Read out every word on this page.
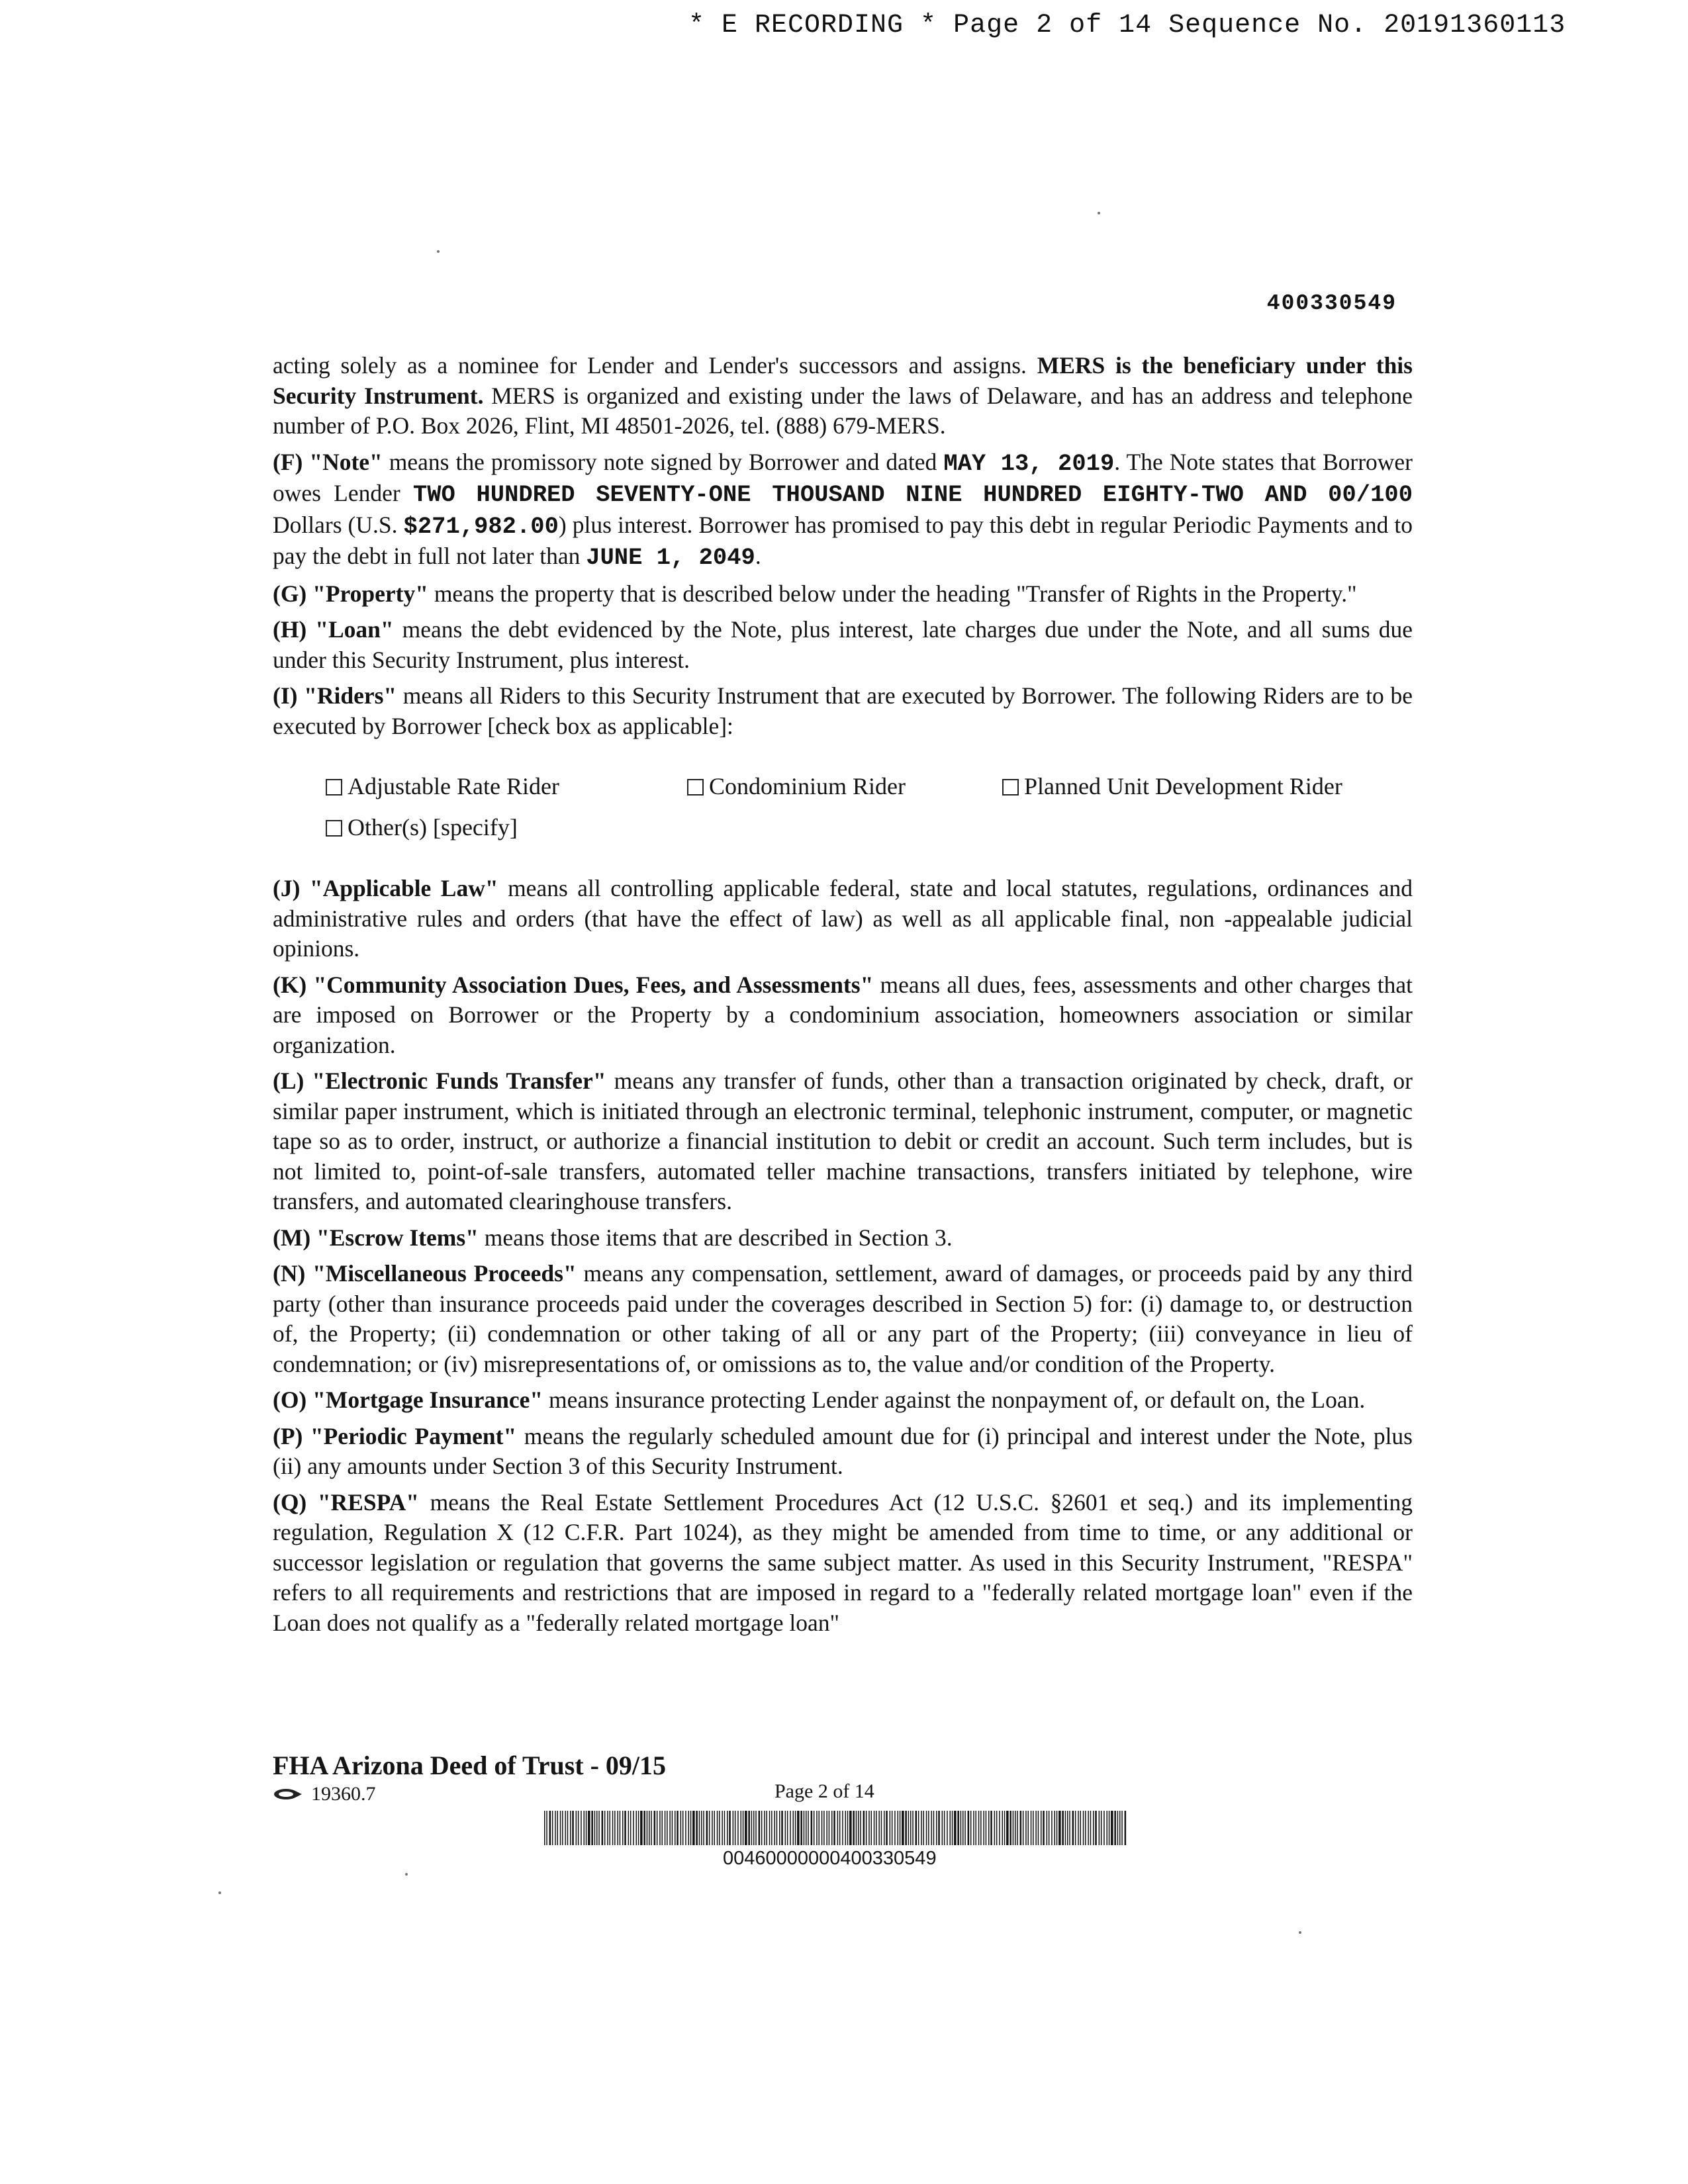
* E RECORDING * Page 2 of 14 Sequence No. 20191360113
400330549

acting solely as a nominee for Lender and Lender's successors and assigns. MERS is the beneficiary under this Security Instrument. MERS is organized and existing under the laws of Delaware, and has an address and telephone number of P.O. Box 2026, Flint, MI 48501-2026, tel. (888) 679-MERS.

(F) "Note" means the promissory note signed by Borrower and dated MAY 13, 2019. The Note states that Borrower owes Lender TWO HUNDRED SEVENTY-ONE THOUSAND NINE HUNDRED EIGHTY-TWO AND 00/100 Dollars (U.S. $271,982.00) plus interest. Borrower has promised to pay this debt in regular Periodic Payments and to pay the debt in full not later than JUNE 1, 2049.

(G) "Property" means the property that is described below under the heading "Transfer of Rights in the Property."

(H) "Loan" means the debt evidenced by the Note, plus interest, late charges due under the Note, and all sums due under this Security Instrument, plus interest.

(I) "Riders" means all Riders to this Security Instrument that are executed by Borrower. The following Riders are to be executed by Borrower [check box as applicable]:

Adjustable Rate Rider	Condominium Rider	Planned Unit Development Rider
Other(s) [specify]

(J) "Applicable Law" means all controlling applicable federal, state and local statutes, regulations, ordinances and administrative rules and orders (that have the effect of law) as well as all applicable final, non -appealable judicial opinions.

(K) "Community Association Dues, Fees, and Assessments" means all dues, fees, assessments and other charges that are imposed on Borrower or the Property by a condominium association, homeowners association or similar organization.

(L) "Electronic Funds Transfer" means any transfer of funds, other than a transaction originated by check, draft, or similar paper instrument, which is initiated through an electronic terminal, telephonic instrument, computer, or magnetic tape so as to order, instruct, or authorize a financial institution to debit or credit an account. Such term includes, but is not limited to, point-of-sale transfers, automated teller machine transactions, transfers initiated by telephone, wire transfers, and automated clearinghouse transfers.

(M) "Escrow Items" means those items that are described in Section 3.

(N) "Miscellaneous Proceeds" means any compensation, settlement, award of damages, or proceeds paid by any third party (other than insurance proceeds paid under the coverages described in Section 5) for: (i) damage to, or destruction of, the Property; (ii) condemnation or other taking of all or any part of the Property; (iii) conveyance in lieu of condemnation; or (iv) misrepresentations of, or omissions as to, the value and/or condition of the Property.

(O) "Mortgage Insurance" means insurance protecting Lender against the nonpayment of, or default on, the Loan.

(P) "Periodic Payment" means the regularly scheduled amount due for (i) principal and interest under the Note, plus (ii) any amounts under Section 3 of this Security Instrument.

(Q) "RESPA" means the Real Estate Settlement Procedures Act (12 U.S.C. §2601 et seq.) and its implementing regulation, Regulation X (12 C.F.R. Part 1024), as they might be amended from time to time, or any additional or successor legislation or regulation that governs the same subject matter. As used in this Security Instrument, "RESPA" refers to all requirements and restrictions that are imposed in regard to a "federally related mortgage loan" even if the Loan does not qualify as a "federally related mortgage loan"

FHA Arizona Deed of Trust - 09/15
19360.7	Page 2 of 14
00460000000400330549
